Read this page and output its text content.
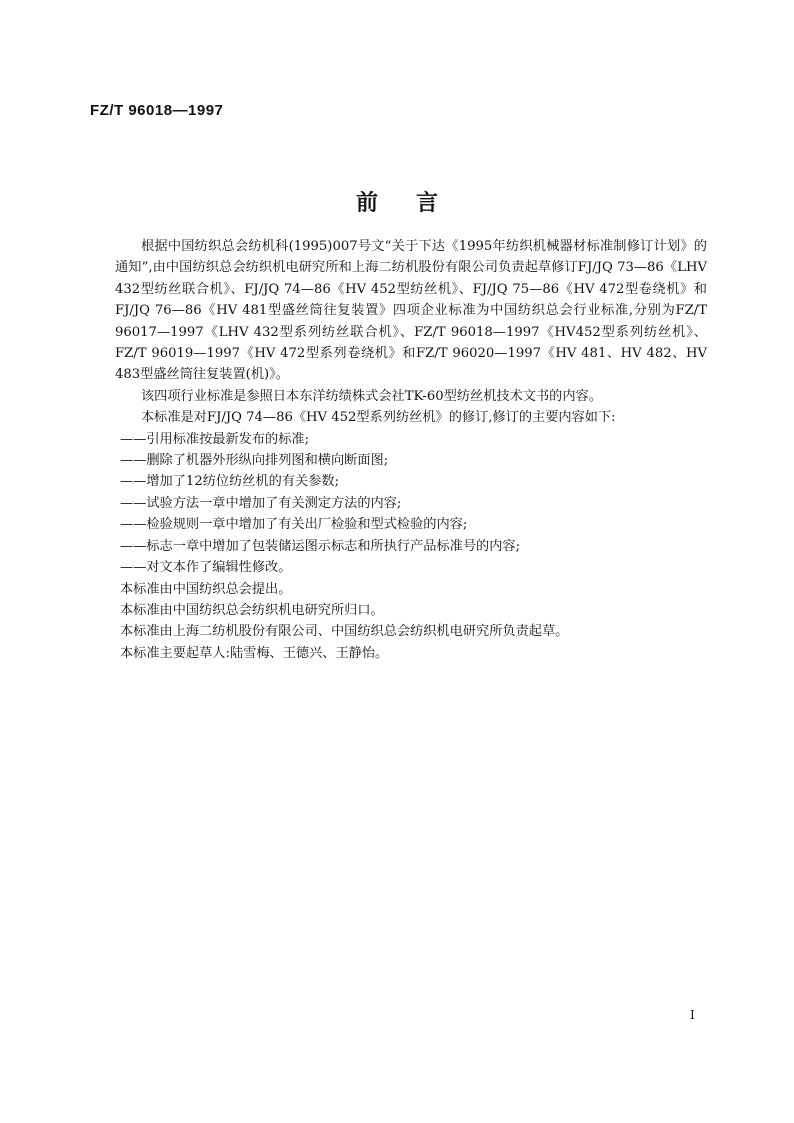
FZ/T 96018—1997
前言

根据中国纺织总会纺机科(1995)007号文“关于下达《1995年纺织机械器材标准制修订计划》的通知”,由中国纺织总会纺织机电研究所和上海二纺机股份有限公司负责起草修订FJ/JQ 73—86《LHV 432型纺丝联合机》、FJ/JQ 74—86《HV 452型纺丝机》、FJ/JQ 75—86《HV 472型卷绕机》和FJ/JQ 76—86《HV 481型盛丝筒往复装置》四项企业标准为中国纺织总会行业标准,分别为FZ/T 96017—1997《LHV 432型系列纺丝联合机》、FZ/T 96018—1997《HV452型系列纺丝机》、FZ/T 96019—1997《HV 472型系列卷绕机》和FZ/T 96020—1997《HV 481、HV 482、HV 483型盛丝筒往复装置(机)》。

该四项行业标准是参照日本东洋纺绩株式会社TK-60型纺丝机技术文书的内容。

本标准是对FJ/JQ 74—86《HV 452型系列纺丝机》的修订,修订的主要内容如下:

——引用标准按最新发布的标准;

——删除了机器外形纵向排列图和横向断面图;

——增加了12纺位纺丝机的有关参数;

——试验方法一章中增加了有关测定方法的内容;

——检验规则一章中增加了有关出厂检验和型式检验的内容;

——标志一章中增加了包装储运图示标志和所执行产品标准号的内容;

——对文本作了编辑性修改。

本标准由中国纺织总会提出。

本标准由中国纺织总会纺织机电研究所归口。

本标准由上海二纺机股份有限公司、中国纺织总会纺织机电研究所负责起草。

本标准主要起草人:陆雪梅、王德兴、王静怡。

I
